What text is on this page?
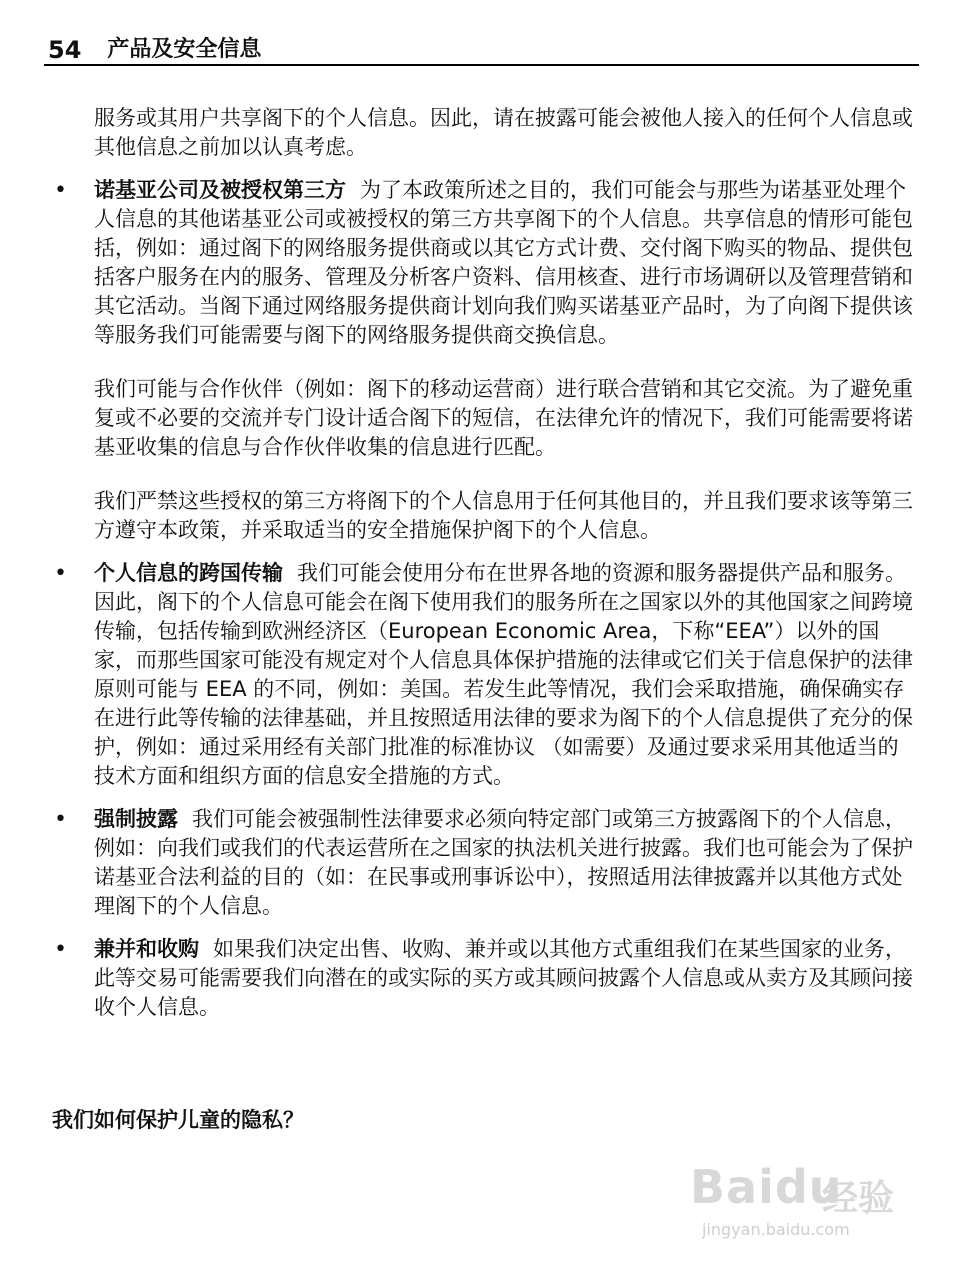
54 产品及安全信息

服务或其用户共享阁下的个人信息。因此，请在披露可能会被他人接入的任何个人信息或其他信息之前加以认真考虑。

•	诺基亚公司及被授权第三方 为了本政策所述之目的，我们可能会与那些为诺基亚处理个人信息的其他诺基亚公司或被授权的第三方共享阁下的个人信息。共享信息的情形可能包括，例如：通过阁下的网络服务提供商或以其它方式计费、交付阁下购买的物品、提供包括客户服务在内的服务、管理及分析客户资料、信用核查、进行市场调研以及管理营销和其它活动。当阁下通过网络服务提供商计划向我们购买诺基亚产品时，为了向阁下提供该等服务我们可能需要与阁下的网络服务提供商交换信息。

我们可能与合作伙伴（例如：阁下的移动运营商）进行联合营销和其它交流。为了避免重复或不必要的交流并专门设计适合阁下的短信，在法律允许的情况下，我们可能需要将诺基亚收集的信息与合作伙伴收集的信息进行匹配。

我们严禁这些授权的第三方将阁下的个人信息用于任何其他目的，并且我们要求该等第三方遵守本政策，并采取适当的安全措施保护阁下的个人信息。

•	个人信息的跨国传输 我们可能会使用分布在世界各地的资源和服务器提供产品和服务。因此，阁下的个人信息可能会在阁下使用我们的服务所在之国家以外的其他国家之间跨境传输，包括传输到欧洲经济区（European Economic Area，下称“EEA”）以外的国家，而那些国家可能没有规定对个人信息具体保护措施的法律或它们关于信息保护的法律原则可能与 EEA 的不同，例如：美国。若发生此等情况，我们会采取措施，确保确实存在进行此等传输的法律基础，并且按照适用法律的要求为阁下的个人信息提供了充分的保护，例如：通过采用经有关部门批准的标准协议 （如需要）及通过要求采用其他适当的技术方面和组织方面的信息安全措施的方式。

•	强制披露 我们可能会被强制性法律要求必须向特定部门或第三方披露阁下的个人信息，例如：向我们或我们的代表运营所在之国家的执法机关进行披露。我们也可能会为了保护诺基亚合法利益的目的（如：在民事或刑事诉讼中），按照适用法律披露并以其他方式处理阁下的个人信息。

•	兼并和收购 如果我们决定出售、收购、兼并或以其他方式重组我们在某些国家的业务，此等交易可能需要我们向潜在的或实际的买方或其顾问披露个人信息或从卖方及其顾问接收个人信息。

我们如何保护儿童的隐私？
Baidu
经验
jingyan.baidu.com
